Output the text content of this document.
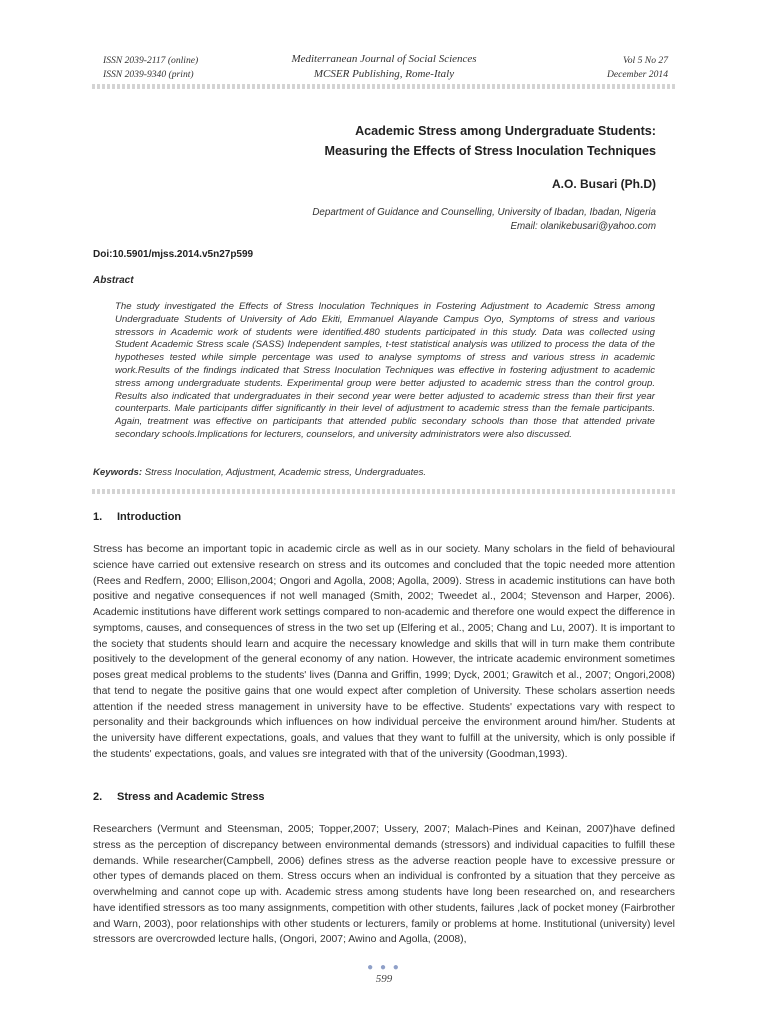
ISSN 2039-2117 (online)
ISSN 2039-9340 (print)
Mediterranean Journal of Social Sciences
MCSER Publishing, Rome-Italy
Vol 5 No 27
December 2014
Academic Stress among Undergraduate Students:
Measuring the Effects of Stress Inoculation Techniques
A.O. Busari (Ph.D)
Department of Guidance and Counselling, University of Ibadan, Ibadan, Nigeria
Email: olanikebusari@yahoo.com
Doi:10.5901/mjss.2014.v5n27p599
Abstract
The study investigated the Effects of Stress Inoculation Techniques in Fostering Adjustment to Academic Stress among Undergraduate Students of University of Ado Ekiti, Emmanuel Alayande Campus Oyo, Symptoms of stress and various stressors in Academic work of students were identified.480 students participated in this study. Data was collected using Student Academic Stress scale (SASS) Independent samples, t-test statistical analysis was utilized to process the data of the hypotheses tested while simple percentage was used to analyse symptoms of stress and various stress in academic work.Results of the findings indicated that Stress Inoculation Techniques was effective in fostering adjustment to academic stress among undergraduate students. Experimental group were better adjusted to academic stress than the control group. Results also indicated that undergraduates in their second year were better adjusted to academic stress than their first year counterparts. Male participants differ significantly in their level of adjustment to academic stress than the female participants. Again, treatment was effective on participants that attended public secondary schools than those that attended private secondary schools.Implications for lecturers, counselors, and university administrators were also discussed.
Keywords: Stress Inoculation, Adjustment, Academic stress, Undergraduates.
1. Introduction
Stress has become an important topic in academic circle as well as in our society. Many scholars in the field of behavioural science have carried out extensive research on stress and its outcomes and concluded that the topic needed more attention (Rees and Redfern, 2000; Ellison,2004; Ongori and Agolla, 2008; Agolla, 2009). Stress in academic institutions can have both positive and negative consequences if not well managed (Smith, 2002; Tweedet al., 2004; Stevenson and Harper, 2006). Academic institutions have different work settings compared to non-academic and therefore one would expect the difference in symptoms, causes, and consequences of stress in the two set up (Elfering et al., 2005; Chang and Lu, 2007). It is important to the society that students should learn and acquire the necessary knowledge and skills that will in turn make them contribute positively to the development of the general economy of any nation. However, the intricate academic environment sometimes poses great medical problems to the students' lives (Danna and Griffin, 1999; Dyck, 2001; Grawitch et al., 2007; Ongori,2008) that tend to negate the positive gains that one would expect after completion of University. These scholars assertion needs attention if the needed stress management in university have to be effective. Students' expectations vary with respect to personality and their backgrounds which influences on how individual perceive the environment around him/her. Students at the university have different expectations, goals, and values that they want to fulfill at the university, which is only possible if the students' expectations, goals, and values sre integrated with that of the university (Goodman,1993).
2. Stress and Academic Stress
Researchers (Vermunt and Steensman, 2005; Topper,2007; Ussery, 2007; Malach-Pines and Keinan, 2007)have defined stress as the perception of discrepancy between environmental demands (stressors) and individual capacities to fulfill these demands. While researcher(Campbell, 2006) defines stress as the adverse reaction people have to excessive pressure or other types of demands placed on them. Stress occurs when an individual is confronted by a situation that they perceive as overwhelming and cannot cope up with. Academic stress among students have long been researched on, and researchers have identified stressors as too many assignments, competition with other students, failures ,lack of pocket money (Fairbrother and Warn, 2003), poor relationships with other students or lecturers, family or problems at home. Institutional (university) level stressors are overcrowded lecture halls, (Ongori, 2007; Awino and Agolla, (2008),
● ● ●
599
